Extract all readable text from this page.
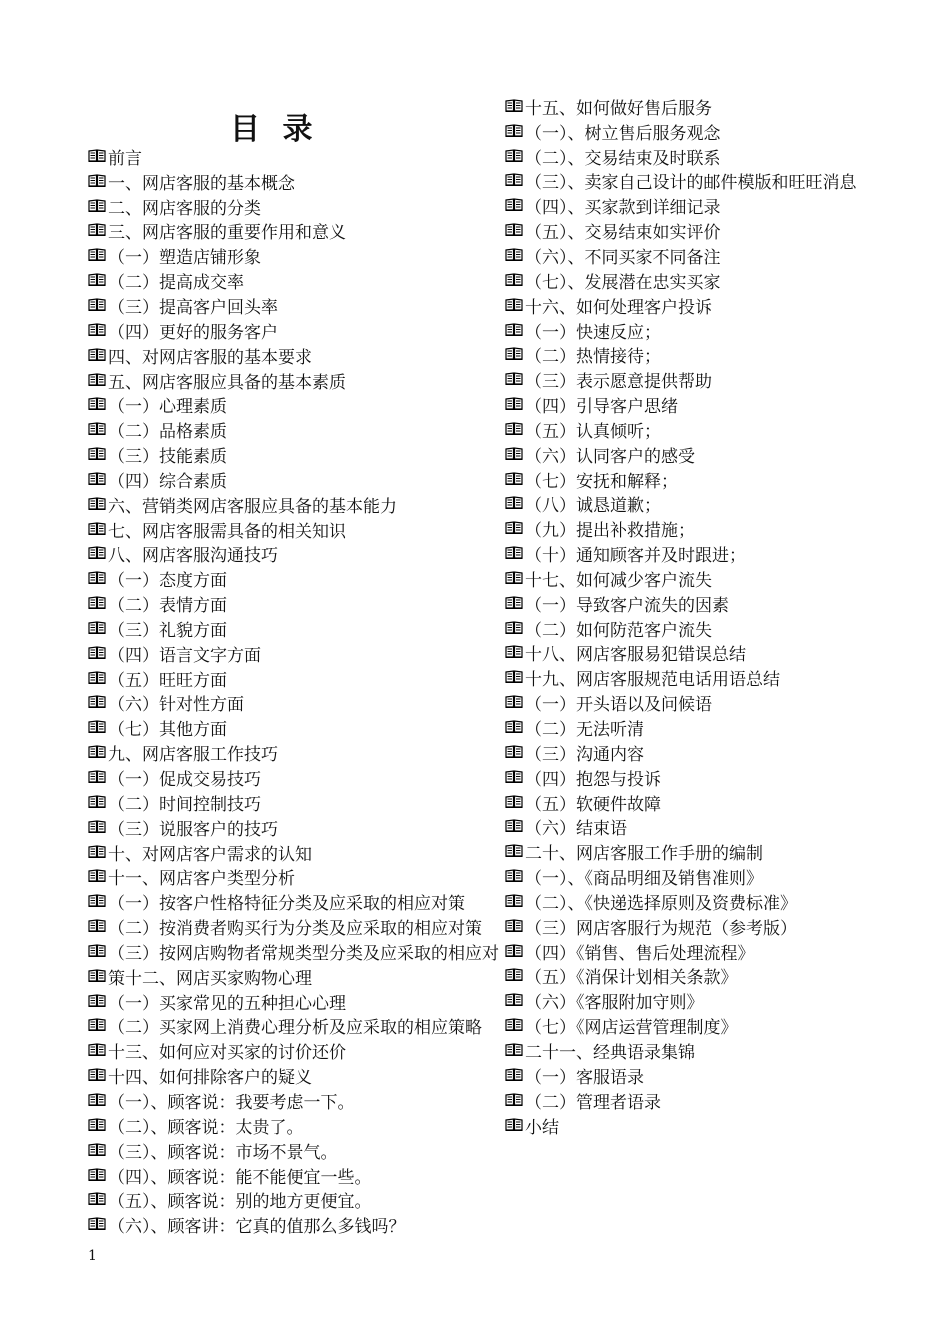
目 录
前言
一、网店客服的基本概念
二、网店客服的分类
三、网店客服的重要作用和意义
（一）塑造店铺形象
（二）提高成交率
（三）提高客户回头率
（四）更好的服务客户
四、对网店客服的基本要求
五、网店客服应具备的基本素质
（一）心理素质
（二）品格素质
（三）技能素质
（四）综合素质
六、营销类网店客服应具备的基本能力
七、网店客服需具备的相关知识
八、网店客服沟通技巧
（一）态度方面
（二）表情方面
（三）礼貌方面
（四）语言文字方面
（五）旺旺方面
（六）针对性方面
（七）其他方面
九、网店客服工作技巧
（一）促成交易技巧
（二）时间控制技巧
（三）说服客户的技巧
十、对网店客户需求的认知
十一、网店客户类型分析
（一）按客户性格特征分类及应采取的相应对策
（二）按消费者购买行为分类及应采取的相应对策
（三）按网店购物者常规类型分类及应采取的相应对
策十二、网店买家购物心理
（一）买家常见的五种担心心理
（二）买家网上消费心理分析及应采取的相应策略
十三、如何应对买家的讨价还价
十四、如何排除客户的疑义
（一）、顾客说：我要考虑一下。
（二）、顾客说：太贵了。
（三）、顾客说：市场不景气。
（四）、顾客说：能不能便宜一些。
（五）、顾客说：别的地方更便宜。
（六）、顾客讲：它真的值那么多钱吗？
十五、如何做好售后服务
（一）、树立售后服务观念
（二）、交易结束及时联系
（三）、卖家自己设计的邮件模版和旺旺消息
（四）、买家款到详细记录
（五）、交易结束如实评价
（六）、不同买家不同备注
（七）、发展潜在忠实买家
十六、如何处理客户投诉
（一）快速反应；
（二）热情接待；
（三）表示愿意提供帮助
（四）引导客户思绪
（五）认真倾听；
（六）认同客户的感受
（七）安抚和解释；
（八）诚恳道歉；
（九）提出补救措施；
（十）通知顾客并及时跟进；
十七、如何减少客户流失
（一）导致客户流失的因素
（二）如何防范客户流失
十八、网店客服易犯错误总结
十九、网店客服规范电话用语总结
（一）开头语以及问候语
（二）无法听清
（三）沟通内容
（四）抱怨与投诉
（五）软硬件故障
（六）结束语
二十、网店客服工作手册的编制
（一）、《商品明细及销售准则》
（二）、《快递选择原则及资费标准》
（三）网店客服行为规范（参考版）
（四）《销售、售后处理流程》
（五）《消保计划相关条款》
（六）《客服附加守则》
（七）《网店运营管理制度》
二十一、经典语录集锦
（一）客服语录
（二）管理者语录
小结

1
